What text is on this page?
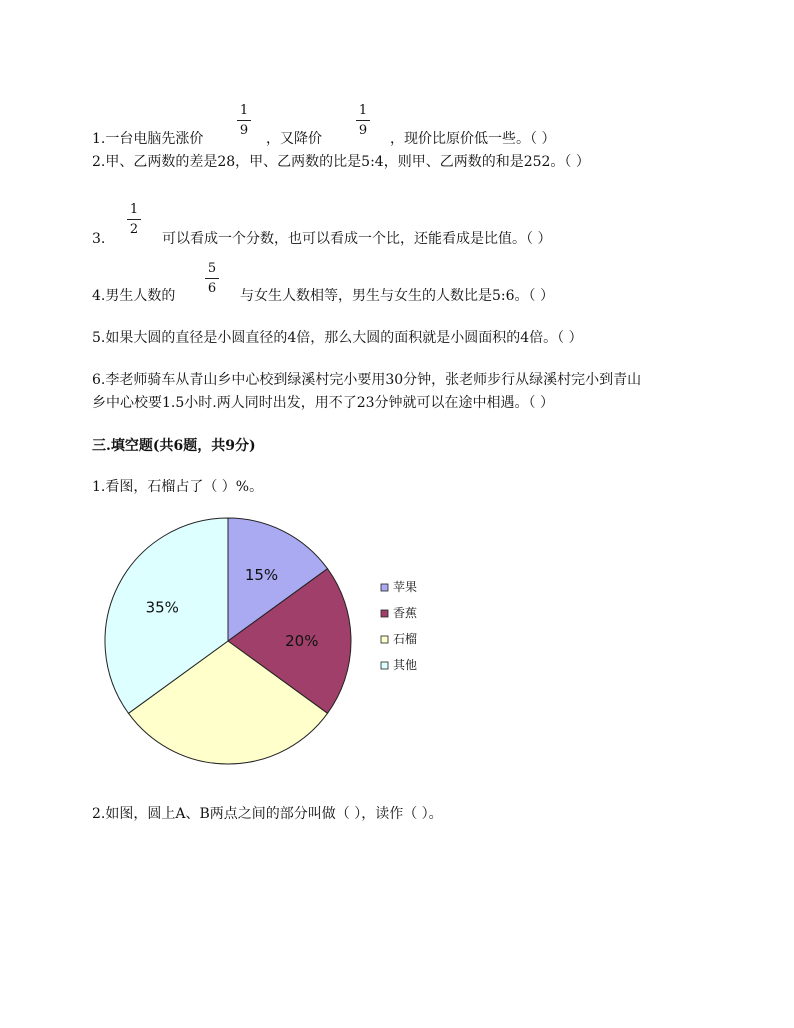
1
9
1
9
1.一台电脑先涨价	，又降价	，现价比原价低一些。（ ）
2.甲、乙两数的差是28，甲、乙两数的比是5:4，则甲、乙两数的和是252。（ ）
1
2
3.	可以看成一个分数，也可以看成一个比，还能看成是比值。（ ）
5
6
4.男生人数的	与女生人数相等，男生与女生的人数比是5:6。（ ）
5.如果大圆的直径是小圆直径的4倍，那么大圆的面积就是小圆面积的4倍。（ ）
6.李老师骑车从青山乡中心校到绿溪村完小要用30分钟，张老师步行从绿溪村完小到青山
乡中心校要1.5小时.两人同时出发，用不了23分钟就可以在途中相遇。（ ）
三.填空题(共6题，共9分)
1.看图，石榴占了（ ）%。
15%
20%
35%
苹果
香蕉
石榴
其他
2.如图，圆上A、B两点之间的部分叫做（ ），读作（ ）。
